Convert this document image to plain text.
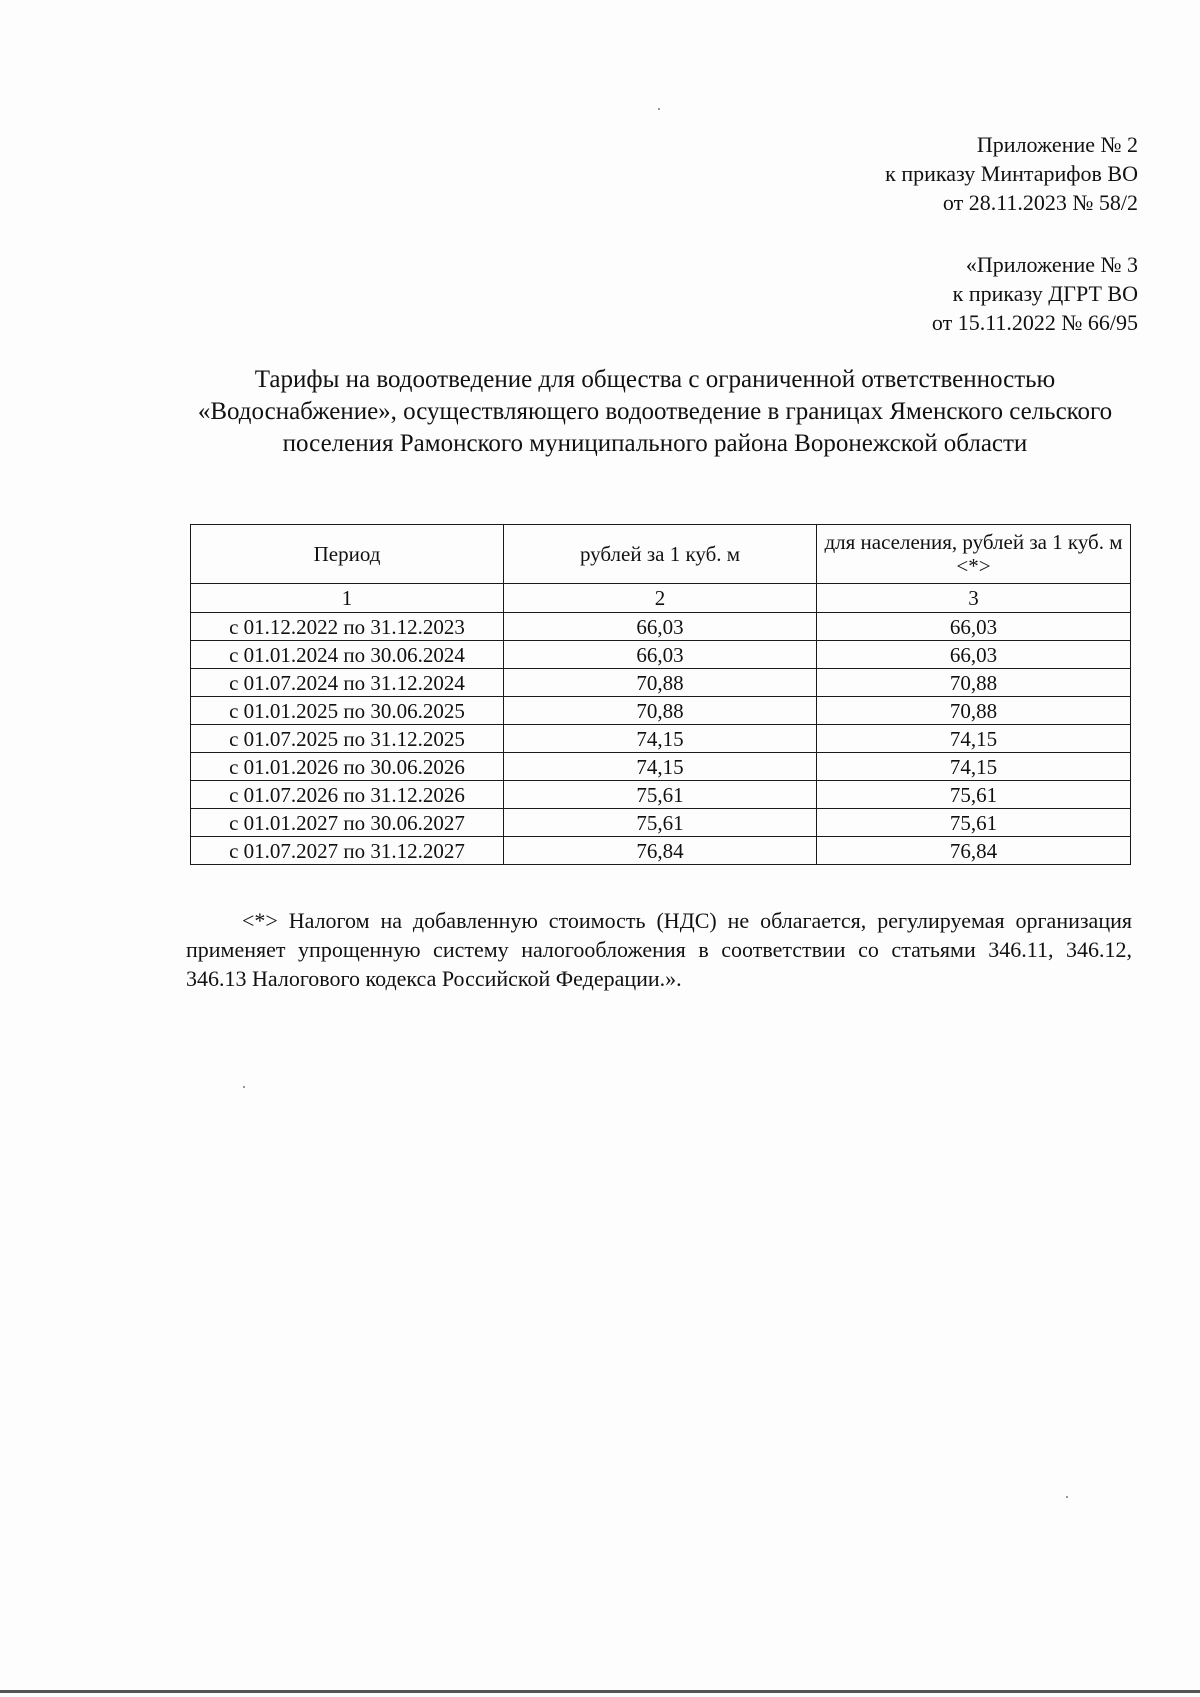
Приложение № 2
к приказу Минтарифов ВО
от 28.11.2023 № 58/2
«Приложение № 3
к приказу ДГРТ ВО
от 15.11.2022 № 66/95
Тарифы на водоотведение для общества с ограниченной ответственностью «Водоснабжение», осуществляющего водоотведение в границах Яменского сельского поселения Рамонского муниципального района Воронежской области
Период	рублей за 1 куб. м	для населения, рублей за 1 куб. м <*>
1	2	3
с 01.12.2022 по 31.12.2023	66,03	66,03
с 01.01.2024 по 30.06.2024	66,03	66,03
с 01.07.2024 по 31.12.2024	70,88	70,88
с 01.01.2025 по 30.06.2025	70,88	70,88
с 01.07.2025 по 31.12.2025	74,15	74,15
с 01.01.2026 по 30.06.2026	74,15	74,15
с 01.07.2026 по 31.12.2026	75,61	75,61
с 01.01.2027 по 30.06.2027	75,61	75,61
с 01.07.2027 по 31.12.2027	76,84	76,84
<*> Налогом на добавленную стоимость (НДС) не облагается, регулируемая организация применяет упрощенную систему налогообложения в соответствии со статьями 346.11, 346.12, 346.13 Налогового кодекса Российской Федерации.».
